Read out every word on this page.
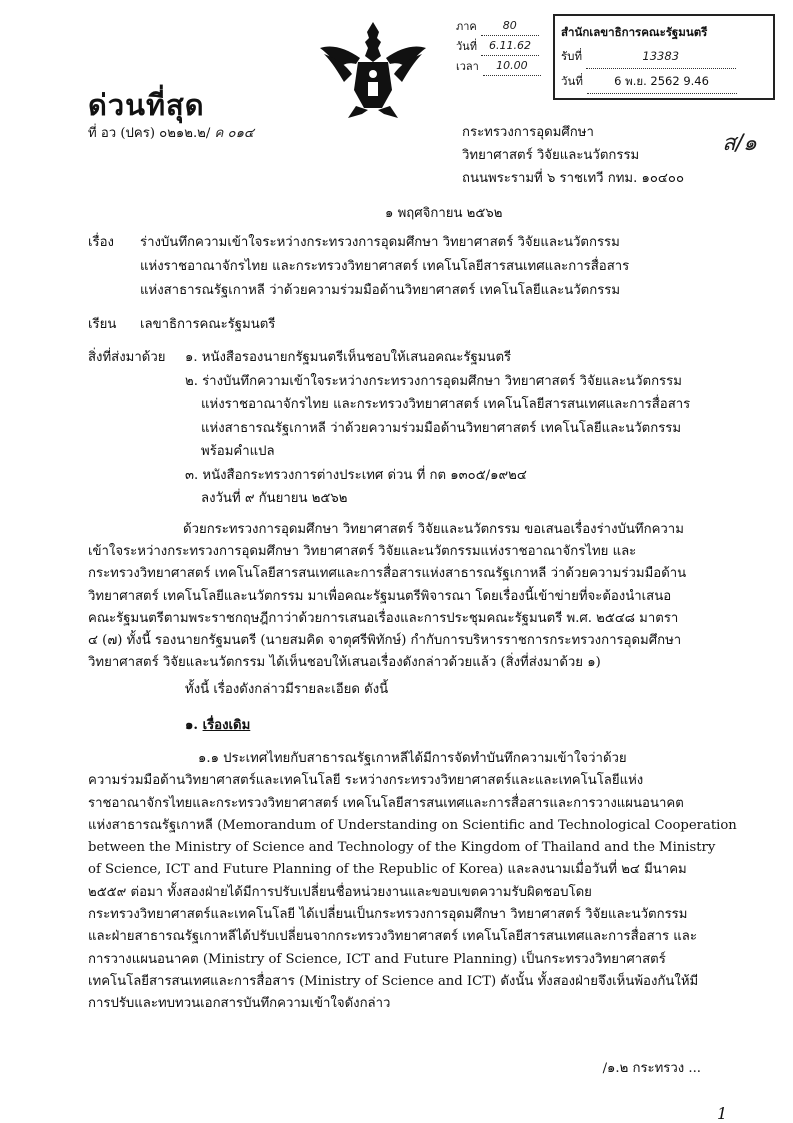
ภาค	80
วันที่	6.11.62
เวลา	10.00
สำนักเลขาธิการคณะรัฐมนตรี
รับที่	13383
วันที่	6 พ.ย. 2562 9.46
ส/๑
ด่วนที่สุด
ที่ อว (ปคร) ๐๒๑๒.๒/ ค ๐๑๔	กระทรวงการอุดมศึกษา
วิทยาศาสตร์ วิจัยและนวัตกรรม
ถนนพระรามที่ ๖ ราชเทวี กทม. ๑๐๔๐๐
๑ พฤศจิกายน ๒๕๖๒
เรื่อง ร่างบันทึกความเข้าใจระหว่างกระทรวงการอุดมศึกษา วิทยาศาสตร์ วิจัยและนวัตกรรม
แห่งราชอาณาจักรไทย และกระทรวงวิทยาศาสตร์ เทคโนโลยีสารสนเทศและการสื่อสาร
แห่งสาธารณรัฐเกาหลี ว่าด้วยความร่วมมือด้านวิทยาศาสตร์ เทคโนโลยีและนวัตกรรม
เรียน เลขาธิการคณะรัฐมนตรี
สิ่งที่ส่งมาด้วย ๑. หนังสือรองนายกรัฐมนตรีเห็นชอบให้เสนอคณะรัฐมนตรี
๒. ร่างบันทึกความเข้าใจระหว่างกระทรวงการอุดมศึกษา วิทยาศาสตร์ วิจัยและนวัตกรรม
แห่งราชอาณาจักรไทย และกระทรวงวิทยาศาสตร์ เทคโนโลยีสารสนเทศและการสื่อสาร
แห่งสาธารณรัฐเกาหลี ว่าด้วยความร่วมมือด้านวิทยาศาสตร์ เทคโนโลยีและนวัตกรรม
พร้อมคำแปล
๓. หนังสือกระทรวงการต่างประเทศ ด่วน ที่ กต ๑๓๐๕/๑๙๒๔
ลงวันที่ ๙ กันยายน ๒๕๖๒
ด้วยกระทรวงการอุดมศึกษา วิทยาศาสตร์ วิจัยและนวัตกรรม ขอเสนอเรื่องร่างบันทึกความ
เข้าใจระหว่างกระทรวงการอุดมศึกษา วิทยาศาสตร์ วิจัยและนวัตกรรมแห่งราชอาณาจักรไทย และ
กระทรวงวิทยาศาสตร์ เทคโนโลยีสารสนเทศและการสื่อสารแห่งสาธารณรัฐเกาหลี ว่าด้วยความร่วมมือด้าน
วิทยาศาสตร์ เทคโนโลยีและนวัตกรรม มาเพื่อคณะรัฐมนตรีพิจารณา โดยเรื่องนี้เข้าข่ายที่จะต้องนำเสนอ
คณะรัฐมนตรีตามพระราชกฤษฎีกาว่าด้วยการเสนอเรื่องและการประชุมคณะรัฐมนตรี พ.ศ. ๒๕๔๘ มาตรา
๔ (๗) ทั้งนี้ รองนายกรัฐมนตรี (นายสมคิด จาตุศรีพิทักษ์) กำกับการบริหารราชการกระทรวงการอุดมศึกษา
วิทยาศาสตร์ วิจัยและนวัตกรรม ได้เห็นชอบให้เสนอเรื่องดังกล่าวด้วยแล้ว (สิ่งที่ส่งมาด้วย ๑)
ทั้งนี้ เรื่องดังกล่าวมีรายละเอียด ดังนี้
๑. เรื่องเดิม
๑.๑ ประเทศไทยกับสาธารณรัฐเกาหลีได้มีการจัดทำบันทึกความเข้าใจว่าด้วย
ความร่วมมือด้านวิทยาศาสตร์และเทคโนโลยี ระหว่างกระทรวงวิทยาศาสตร์และและเทคโนโลยีแห่ง
ราชอาณาจักรไทยและกระทรวงวิทยาศาสตร์ เทคโนโลยีสารสนเทศและการสื่อสารและการวางแผนอนาคต
แห่งสาธารณรัฐเกาหลี (Memorandum of Understanding on Scientific and Technological Cooperation
between the Ministry of Science and Technology of the Kingdom of Thailand and the Ministry
of Science, ICT and Future Planning of the Republic of Korea) และลงนามเมื่อวันที่ ๒๔ มีนาคม
๒๕๕๙ ต่อมา ทั้งสองฝ่ายได้มีการปรับเปลี่ยนชื่อหน่วยงานและขอบเขตความรับผิดชอบโดย
กระทรวงวิทยาศาสตร์และเทคโนโลยี ได้เปลี่ยนเป็นกระทรวงการอุดมศึกษา วิทยาศาสตร์ วิจัยและนวัตกรรม
และฝ่ายสาธารณรัฐเกาหลีได้ปรับเปลี่ยนจากกระทรวงวิทยาศาสตร์ เทคโนโลยีสารสนเทศและการสื่อสาร และ
การวางแผนอนาคต (Ministry of Science, ICT and Future Planning) เป็นกระทรวงวิทยาศาสตร์
เทคโนโลยีสารสนเทศและการสื่อสาร (Ministry of Science and ICT) ดังนั้น ทั้งสองฝ่ายจึงเห็นพ้องกันให้มี
การปรับและทบทวนเอกสารบันทึกความเข้าใจดังกล่าว
/๑.๒ กระทรวง ...
1
